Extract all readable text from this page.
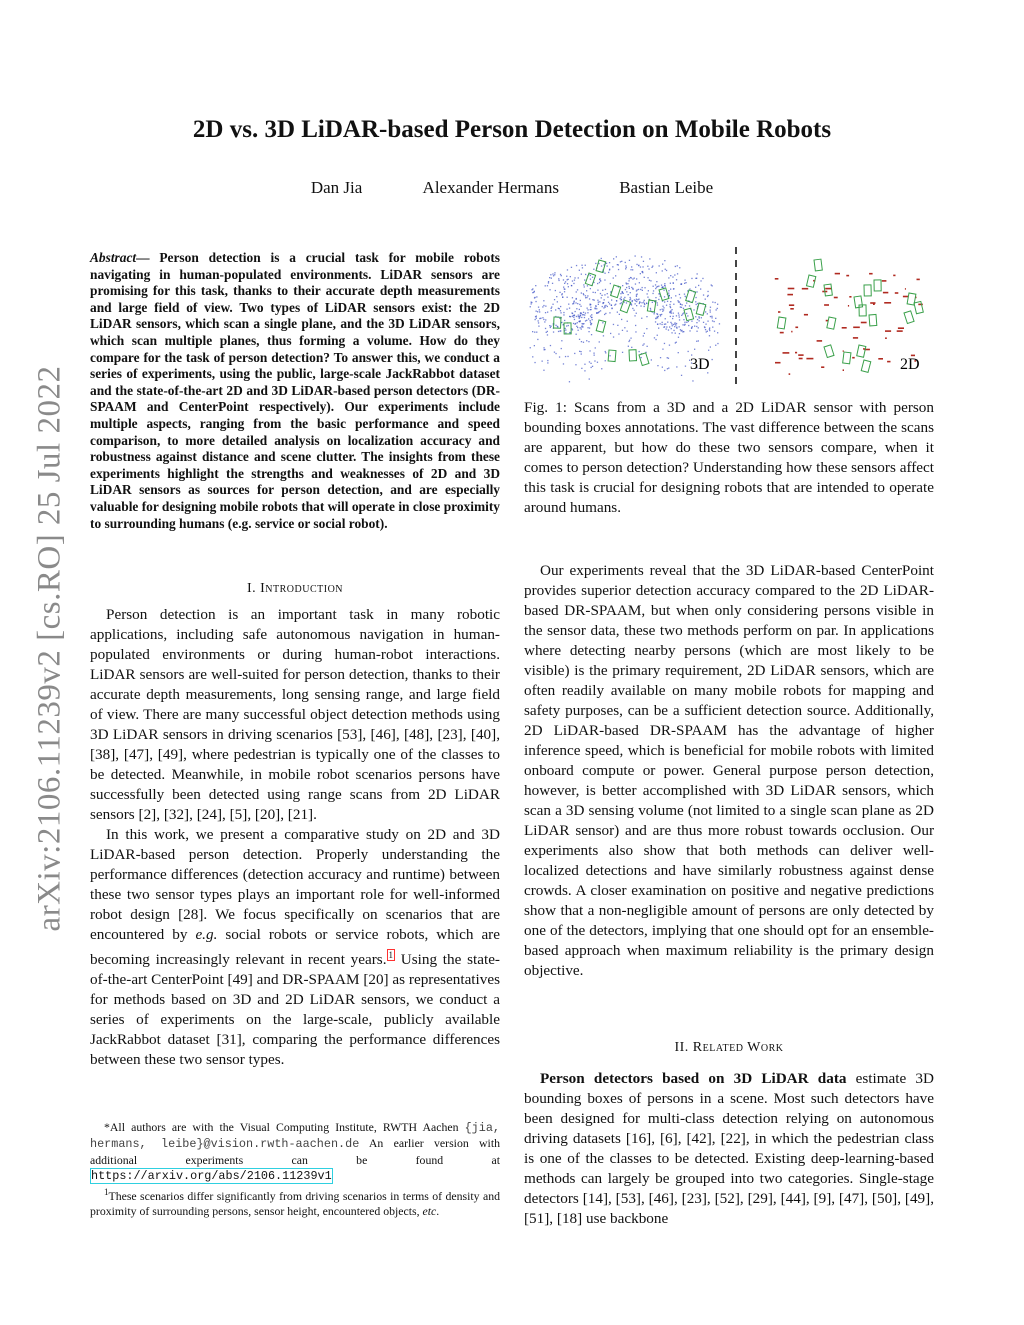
2D vs. 3D LiDAR-based Person Detection on Mobile Robots
Dan Jia	Alexander Hermans	Bastian Leibe
arXiv:2106.11239v2 [cs.RO] 25 Jul 2022
Abstract— Person detection is a crucial task for mobile robots navigating in human-populated environments. LiDAR sensors are promising for this task, thanks to their accurate depth measurements and large field of view. Two types of LiDAR sensors exist: the 2D LiDAR sensors, which scan a single plane, and the 3D LiDAR sensors, which scan multiple planes, thus forming a volume. How do they compare for the task of person detection? To answer this, we conduct a series of experiments, using the public, large-scale JackRabbot dataset and the state-of-the-art 2D and 3D LiDAR-based person detectors (DR-SPAAM and CenterPoint respectively). Our experiments include multiple aspects, ranging from the basic performance and speed comparison, to more detailed analysis on localization accuracy and robustness against distance and scene clutter. The insights from these experiments highlight the strengths and weaknesses of 2D and 3D LiDAR sensors as sources for person detection, and are especially valuable for designing mobile robots that will operate in close proximity to surrounding humans (e.g. service or social robot).
I. Introduction

Person detection is an important task in many robotic applications, including safe autonomous navigation in human-populated environments or during human-robot interactions. LiDAR sensors are well-suited for person detection, thanks to their accurate depth measurements, long sensing range, and large field of view. There are many successful object detection methods using 3D LiDAR sensors in driving scenarios [53], [46], [48], [23], [40], [38], [47], [49], where pedestrian is typically one of the classes to be detected. Meanwhile, in mobile robot scenarios persons have successfully been detected using range scans from 2D LiDAR sensors [2], [32], [24], [5], [20], [21].

In this work, we present a comparative study on 2D and 3D LiDAR-based person detection. Properly understanding the performance differences (detection accuracy and runtime) between these two sensor types plays an important role for well-informed robot design [28]. We focus specifically on scenarios that are encountered by e.g. social robots or service robots, which are becoming increasingly relevant in recent years. $^1$ Using the state-of-the-art CenterPoint [49] and DR-SPAAM [20] as representatives for methods based on 3D and 2D LiDAR sensors, we conduct a series of experiments on the large-scale, publicly available JackRabbot dataset [31], comparing the performance differences between these two sensor types.

*All authors are with the Visual Computing Institute, RWTH Aachen {jia, hermans, leibe}@vision.rwth-aachen.de An earlier version with additional experiments can be found at https://arxiv.org/abs/2106.11239v1
$^1$These scenarios differ significantly from driving scenarios in terms of density and proximity of surrounding persons, sensor height, encountered objects, etc.
3D	2D
Fig. 1: Scans from a 3D and a 2D LiDAR sensor with person bounding boxes annotations. The vast difference between the scans are apparent, but how do these two sensors compare, when it comes to person detection? Understanding how these sensors affect this task is crucial for designing robots that are intended to operate around humans.

Our experiments reveal that the 3D LiDAR-based CenterPoint provides superior detection accuracy compared to the 2D LiDAR-based DR-SPAAM, but when only considering persons visible in the sensor data, these two methods perform on par. In applications where detecting nearby persons (which are most likely to be visible) is the primary requirement, 2D LiDAR sensors, which are often readily available on many mobile robots for mapping and safety purposes, can be a sufficient detection source. Additionally, 2D LiDAR-based DR-SPAAM has the advantage of higher inference speed, which is beneficial for mobile robots with limited onboard compute or power. General purpose person detection, however, is better accomplished with 3D LiDAR sensors, which scan a 3D sensing volume (not limited to a single scan plane as 2D LiDAR sensor) and are thus more robust towards occlusion. Our experiments also show that both methods can deliver well-localized detections and have similarly robustness against dense crowds. A closer examination on positive and negative predictions show that a non-negligible amount of persons are only detected by one of the detectors, implying that one should opt for an ensemble-based approach when maximum reliability is the primary design objective.

II. Related Work

Person detectors based on 3D LiDAR data estimate 3D bounding boxes of persons in a scene. Most such detectors have been designed for multi-class detection relying on autonomous driving datasets [16], [6], [42], [22], in which the pedestrian class is one of the classes to be detected. Existing deep-learning-based methods can largely be grouped into two categories. Single-stage detectors [14], [53], [46], [23], [52], [29], [44], [9], [47], [50], [49], [51], [18] use backbone
